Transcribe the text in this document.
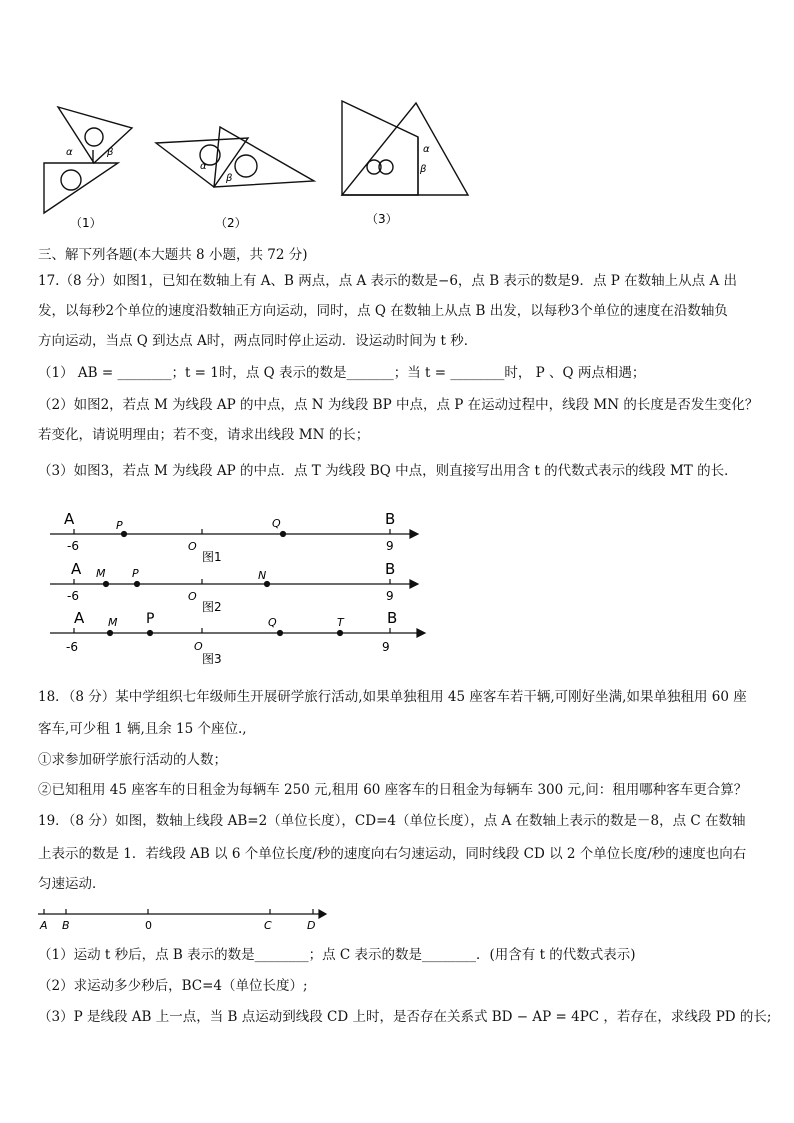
α	β
（1）
α
β
（2）
α
β
（3）
三、解下列各题(本大题共 8 小题，共 72 分)
17.（8 分）如图1，已知在数轴上有 A、B 两点，点 A 表示的数是−6，点 B 表示的数是9．点 P 在数轴上从点 A 出
发，以每秒2个单位的速度沿数轴正方向运动，同时，点 Q 在数轴上从点 B 出发，以每秒3个单位的速度在沿数轴负
方向运动，当点 Q 到达点 A时，两点同时停止运动．设运动时间为 t 秒．
（1） AB = ________；t = 1时，点 Q 表示的数是_______；当 t = ________时， P 、Q 两点相遇；
（2）如图2，若点 M 为线段 AP 的中点，点 N 为线段 BP 中点，点 P 在运动过程中，线段 MN 的长度是否发生变化？
若变化，请说明理由；若不变，请求出线段 MN 的长；
（3）如图3，若点 M 为线段 AP 的中点．点 T 为线段 BQ 中点，则直接写出用含 t 的代数式表示的线段 MT 的长．
A	P	Q	B
-6	O	9
图1
A M P	N	B
-6	O	9
图2
A M P	Q	T	B
-6	O	9
图3
18．（8 分）某中学组织七年级师生开展研学旅行活动,如果单独租用 45 座客车若干辆,可刚好坐满,如果单独租用 60 座
客车,可少租 1 辆,且余 15 个座位.,
①求参加研学旅行活动的人数；
②已知租用 45 座客车的日租金为每辆车 250 元,租用 60 座客车的日租金为每辆车 300 元,问：租用哪种客车更合算？
19．（8 分）如图，数轴上线段 AB=2（单位长度），CD=4（单位长度），点 A 在数轴上表示的数是－8，点 C 在数轴
上表示的数是 1．若线段 AB 以 6 个单位长度/秒的速度向右匀速运动，同时线段 CD 以 2 个单位长度/秒的速度也向右
匀速运动．
A B	0	C	D
（1）运动 t 秒后，点 B 表示的数是________；点 C 表示的数是________．(用含有 t 的代数式表示)
（2）求运动多少秒后，BC=4（单位长度）;
（3）P 是线段 AB 上一点，当 B 点运动到线段 CD 上时，是否存在关系式 BD − AP = 4PC ，若存在，求线段 PD 的长;
